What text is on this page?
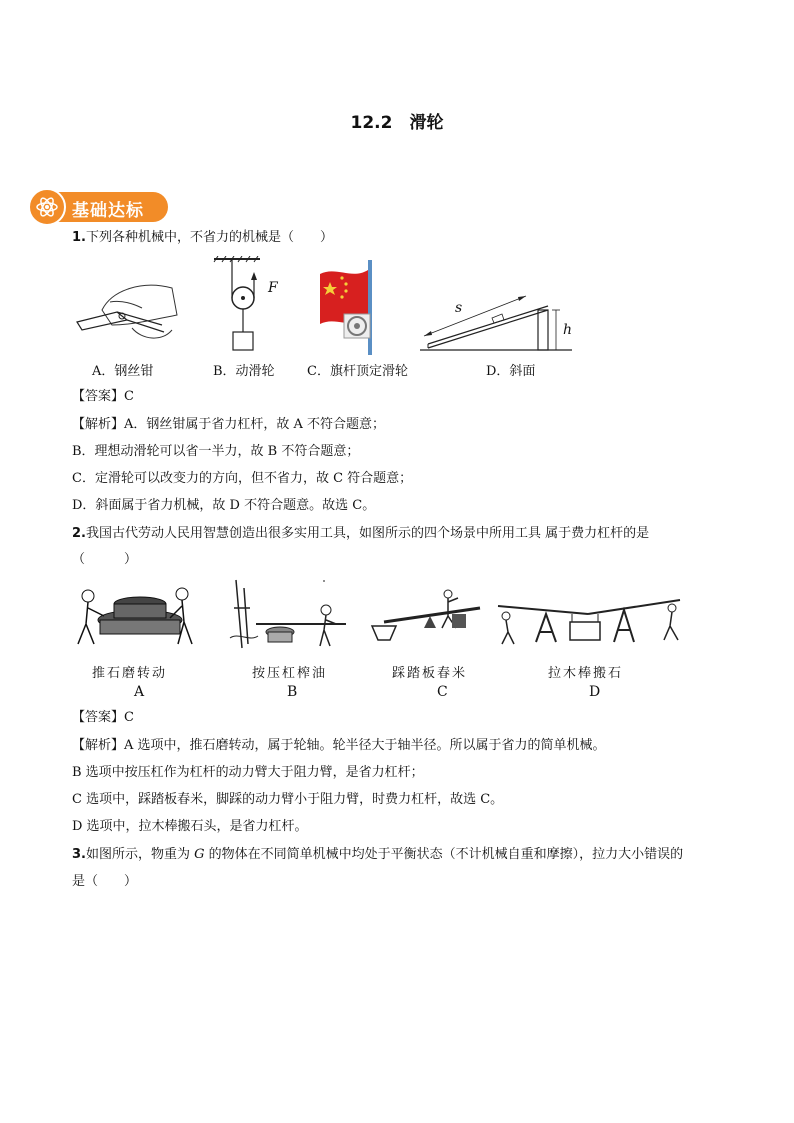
12.2　滑轮
基础达标
1.下列各种机械中，不省力的机械是（　　）
F
s
h
A．钢丝钳	B．动滑轮 C．旗杆顶定滑轮	D．斜面
【答案】C
【解析】A．钢丝钳属于省力杠杆，故 A 不符合题意；
B．理想动滑轮可以省一半力，故 B 不符合题意；
C．定滑轮可以改变力的方向，但不省力，故 C 符合题意；
D．斜面属于省力机械，故 D 不符合题意。故选 C。
2.我国古代劳动人民用智慧创造出很多实用工具，如图所示的四个场景中所用工具 属于费力杠杆的是
（　　　）
推石磨转动	按压杠榨油	踩踏板春米	拉木棒搬石
A	B	C	D
【答案】C
【解析】A 选项中，推石磨转动，属于轮轴。轮半径大于轴半径。所以属于省力的简单机械。
B 选项中按压杠作为杠杆的动力臂大于阻力臂，是省力杠杆；
C 选项中，踩踏板春米，脚踩的动力臂小于阻力臂，时费力杠杆，故选 C。
D 选项中，拉木棒搬石头，是省力杠杆。
3.如图所示，物重为 G 的物体在不同简单机械中均处于平衡状态（不计机械自重和摩擦），拉力大小错误的
是（　　）
